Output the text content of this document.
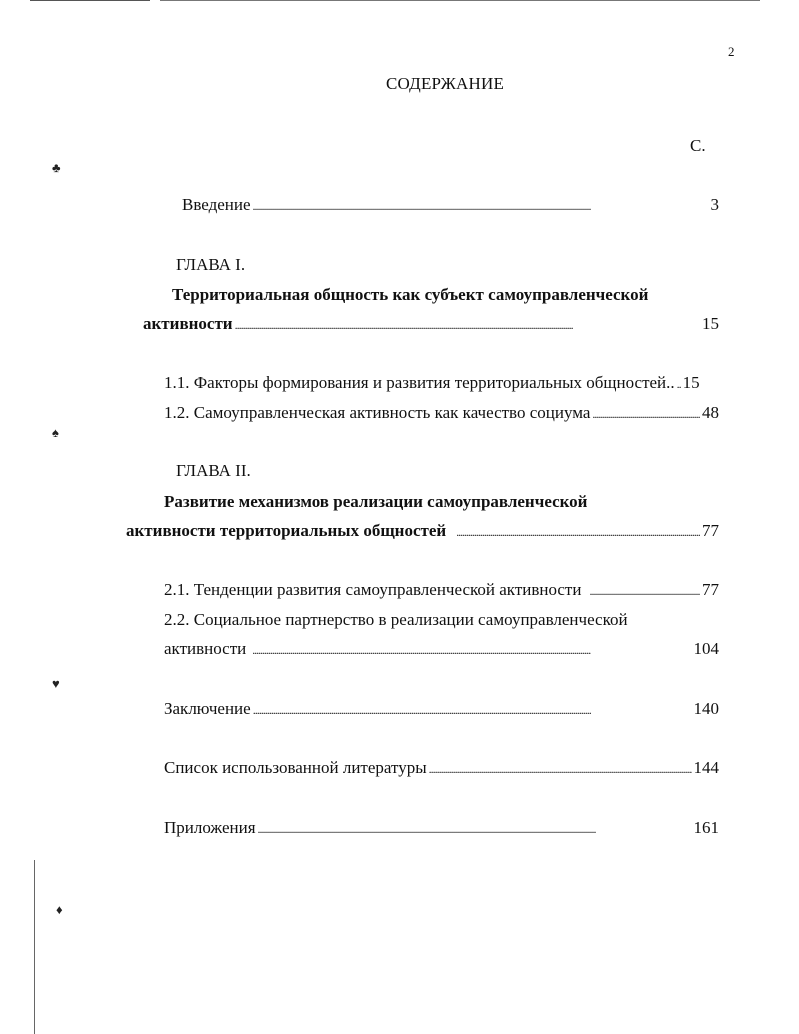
♣
♠
♥
♦
2
СОДЕРЖАНИЕ
С.
Введение . . .	3
ГЛАВА I.
Территориальная общность как субъект самоуправленческой
активности . . .	15
1.1. Факторы формирования и развития территориальных общностей.. . . . 15
1.2. Самоуправленческая активность как качество социума . . .	48
ГЛАВА II.
Развитие механизмов реализации самоуправленческой
активности территориальных общностей . . .	77
2.1. Тенденции развития самоуправленческой активности . . .	77
2.2. Социальное партнерство в реализации самоуправленческой
активности . . .	104
Заключение . . .	140
Список использованной литературы . . .	144
Приложения . . .	161
